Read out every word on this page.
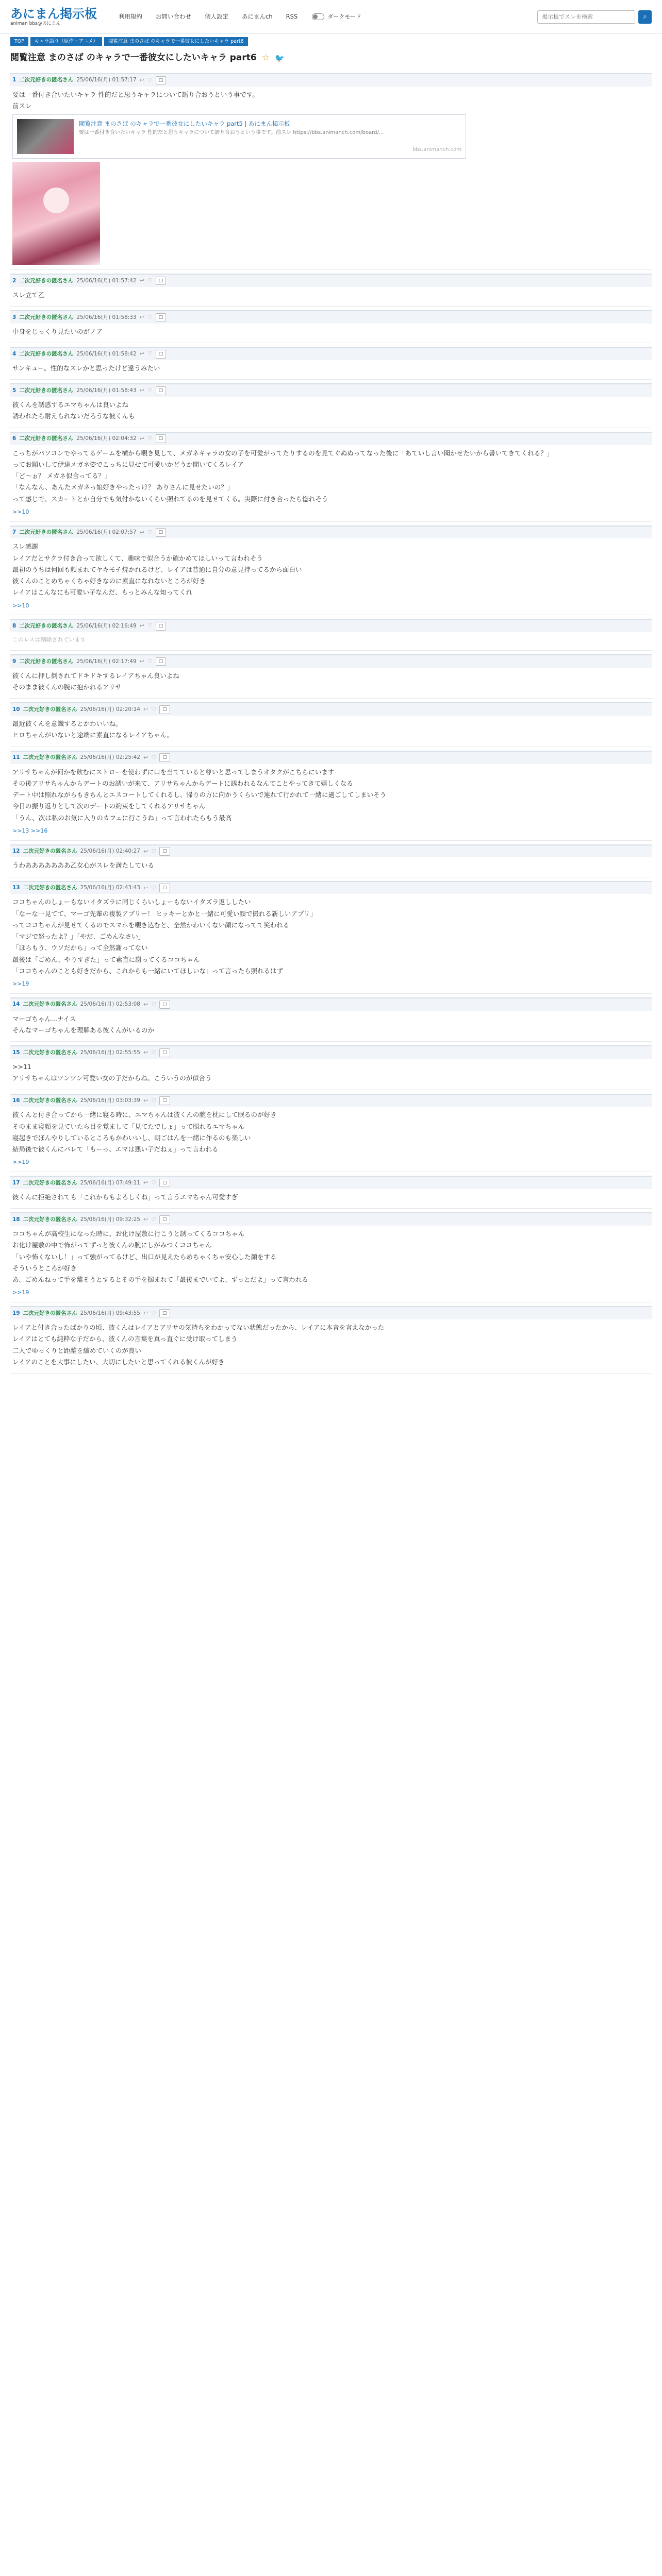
あにまん掲示板
animan bbs@あにまん
利用規約 お問い合わせ 個人設定 あにまんch RSS	ダークモード
掲示板でスレを検索	⌕
TOP	キャラ語り（原作・アニメ）	閲覧注意 まのさば のキャラで一番彼女にしたいキャラ part6
閲覧注意 まのさば のキャラで一番彼女にしたいキャラ part6 ☆ 🐦
1 二次元好きの匿名さん 25/06/16(月) 01:57:17 ↩ ♡	▢

要は一番付き合いたいキャラ 性的だと思うキャラについて語り合おうという事です。

前スレ

閲覧注意 まのさば のキャラで一番彼女にしたいキャラ part5 | あにまん掲示板
要は一番付き合いたいキャラ 性的だと思うキャラについて語り合おうという事です。前スレ https://bbs.animanch.com/board/...
bbs.animanch.com
2 二次元好きの匿名さん 25/06/16(月) 01:57:42 ↩ ♡	▢

スレ立て乙

3 二次元好きの匿名さん 25/06/16(月) 01:58:33 ↩ ♡	▢

中身をじっくり見たいのがノア

4 二次元好きの匿名さん 25/06/16(月) 01:58:42 ↩ ♡	▢

サンキュー。性的なスレかと思ったけど違うみたい

5 二次元好きの匿名さん 25/06/16(月) 01:58:43 ↩ ♡	▢

彼くんを誘惑するエマちゃんは良いよね

誘われたら耐えられないだろうな彼くんも

6 二次元好きの匿名さん 25/06/16(月) 02:04:32 ↩ ♡	▢

こっちがパソコンでやってるゲームを横から覗き見して、メガネキャラの女の子を可愛がってたりするのを見てぐぬぬってなった後に「あていし言い聞かせたいから書いてきてくれる？」

ってお願いして伊達メガネ姿でこっちに見せて可愛いかどうか聞いてくるレイア

「ど〜ぉ？ メガネ似合ってる？」

「なんなん、あんたメガネっ娘好きやったっけ？ ありさんに見せたいの？」

って感じで、スカートとか自分でも気付かないくらい照れてるのを見せてくる。実際に付き合ったら惚れそう

>>10
7 二次元好きの匿名さん 25/06/16(月) 02:07:57 ↩ ♡	▢

スレ感謝

レイアだとサクラ付き合って欲しくて、趣味で似合うか確かめてほしいって言われそう

最初のうちは何回も頼まれてヤキモチ焼かれるけど、レイアは普通に自分の意見持ってるから面白い

彼くんのことめちゃくちゃ好きなのに素直になれないところが好き

レイアはこんなにも可愛い子なんだ、もっとみんな知ってくれ

>>10
8 二次元好きの匿名さん 25/06/16(月) 02:16:49 ↩ ♡	▢

このレスは削除されています

9 二次元好きの匿名さん 25/06/16(月) 02:17:49 ↩ ♡	▢

彼くんに押し倒されてドキドキするレイアちゃん良いよね

そのまま彼くんの腕に抱かれるアリサ

10 二次元好きの匿名さん 25/06/16(月) 02:20:14 ↩ ♡	▢

最近彼くんを意識するとかわいいね。

ヒロちゃんがいないと途端に素直になるレイアちゃん。

11 二次元好きの匿名さん 25/06/16(月) 02:25:42 ↩ ♡	▢

アリサちゃんが何かを飲むにストローを使わずに口を当てていると尊いと思ってしまうオタクがこちらにいます

その後アリサちゃんからデートのお誘いが来て、アリサちゃんからデートに誘われるなんてことやってきて嬉しくなる

デート中は照れながらもきちんとエスコートしてくれるし、帰りの方に向かうくらいで連れて行かれて一緒に過ごしてしまいそう

今日の振り返りとして次のデートの約束をしてくれるアリサちゃん

「うん、次は私のお気に入りのカフェに行こうね」って言われたらもう最高

>>13 >>16
12 二次元好きの匿名さん 25/06/16(月) 02:40:27 ↩ ♡	▢

うわあああああああ乙女心がスレを満たしている

13 二次元好きの匿名さん 25/06/16(月) 02:43:43 ↩ ♡	▢

ココちゃんのしょーもないイタズラに同じくらいしょーもないイタズラ返ししたい

「なーな一見てて、マーゴ先輩の複製アプリー！ ヒッキーとかと一緒に可愛い顔で撮れる新しいアプリ」

ってココちゃんが見せてくるのでスマホを覗き込むと、全然かわいくない顔になってて笑われる

「マジで怒ったよ？」「やだ、ごめんなさい」

「ほらもう、ウソだから」って全然謝ってない

最後は「ごめん、やりすぎた」って素直に謝ってくるココちゃん

「ココちゃんのことも好きだから、これからも一緒にいてほしいな」って言ったら照れるはず

>>19
14 二次元好きの匿名さん 25/06/16(月) 02:53:08 ↩ ♡	▢

マーゴちゃん...ナイス

そんなマーゴちゃんを理解ある彼くんがいるのか

15 二次元好きの匿名さん 25/06/16(月) 02:55:55 ↩ ♡	▢

>>11

アリサちゃんはツンツン可愛い女の子だからね。こういうのが似合う

16 二次元好きの匿名さん 25/06/16(月) 03:03:39 ↩ ♡	▢

彼くんと付き合ってから一緒に寝る時に、エマちゃんは彼くんの腕を枕にして眠るのが好き

そのまま寝顔を見ていたら目を覚まして「見てたでしょ」って照れるエマちゃん

寝起きでぼんやりしているところもかわいいし、朝ごはんを一緒に作るのも楽しい

結局後で彼くんにバレて「もーっ、エマは悪い子だねぇ」って言われる

>>19
17 二次元好きの匿名さん 25/06/16(月) 07:49:11 ↩ ♡	▢

彼くんに拒絶されても「これからもよろしくね」って言うエマちゃん可愛すぎ

18 二次元好きの匿名さん 25/06/16(月) 09:32:25 ↩ ♡	▢

ココちゃんが高校生になった時に、お化け屋敷に行こうと誘ってくるココちゃん

お化け屋敷の中で怖がってずっと彼くんの腕にしがみつくココちゃん

「いや怖くないし！」って強がってるけど、出口が見えたらめちゃくちゃ安心した顔をする

そういうところが好き

あ、ごめんねって手を離そうとするとその手を掴まれて「最後までいてよ、ずっとだよ」って言われる

>>19
19 二次元好きの匿名さん 25/06/16(月) 09:43:55 ↩ ♡	▢

レイアと付き合ったばかりの頃、彼くんはレイアとアリサの気持ちをわかってない状態だったから、レイアに本音を言えなかった

レイアはとても純粋な子だから、彼くんの言葉を真っ直ぐに受け取ってしまう

二人でゆっくりと距離を縮めていくのが良い

レイアのことを大事にしたい、大切にしたいと思ってくれる彼くんが好き
